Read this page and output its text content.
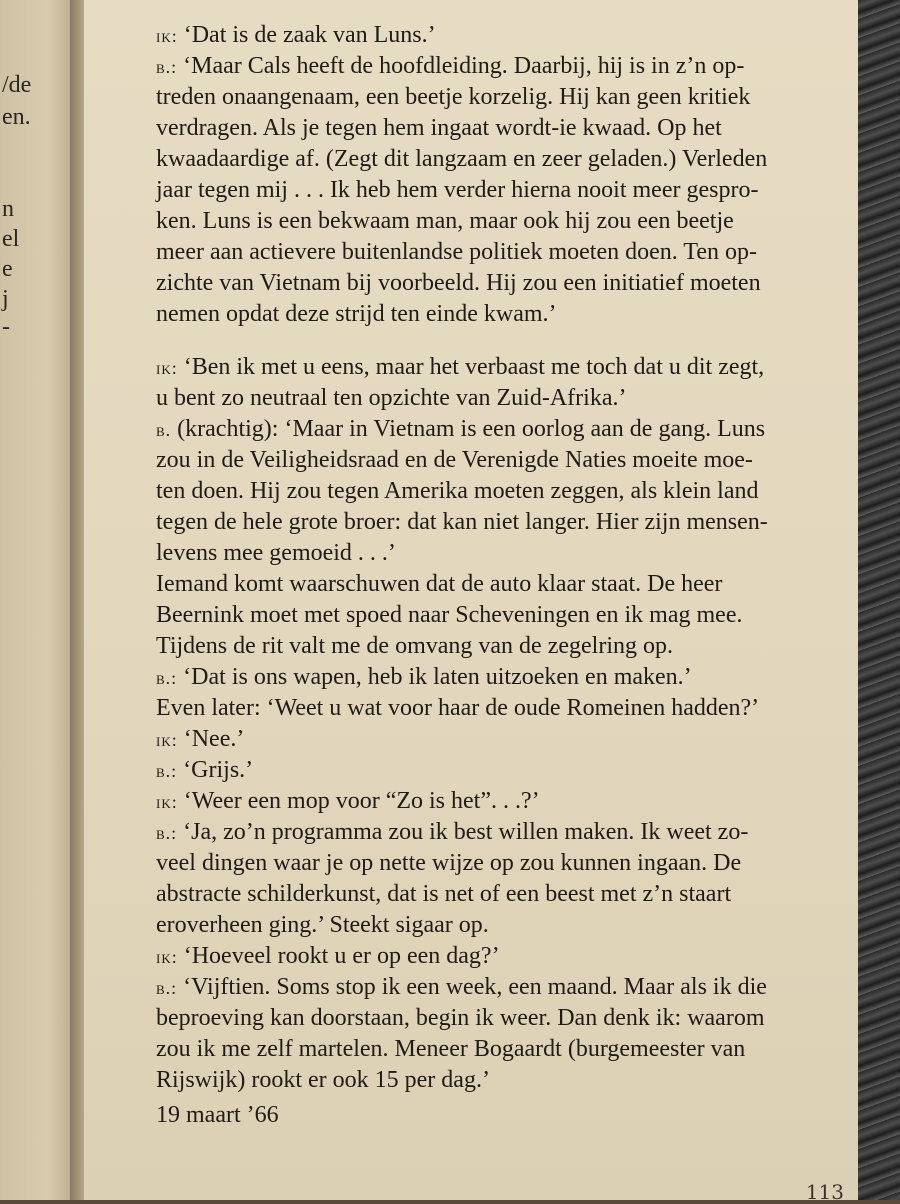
/de
en.
n
el
e
j
-
ik: ‘Dat is de zaak van Luns.’
b.: ‘Maar Cals heeft de hoofdleiding. Daarbij, hij is in z’n op-
treden onaangenaam, een beetje korzelig. Hij kan geen kritiek
verdragen. Als je tegen hem ingaat wordt-ie kwaad. Op het
kwaadaardige af. (Zegt dit langzaam en zeer geladen.) Verleden
jaar tegen mij . . . Ik heb hem verder hierna nooit meer gespro-
ken. Luns is een bekwaam man, maar ook hij zou een beetje
meer aan actievere buitenlandse politiek moeten doen. Ten op-
zichte van Vietnam bij voorbeeld. Hij zou een initiatief moeten
nemen opdat deze strijd ten einde kwam.’
ik: ‘Ben ik met u eens, maar het verbaast me toch dat u dit zegt,
u bent zo neutraal ten opzichte van Zuid-Afrika.’
b. (krachtig): ‘Maar in Vietnam is een oorlog aan de gang. Luns
zou in de Veiligheidsraad en de Verenigde Naties moeite moe-
ten doen. Hij zou tegen Amerika moeten zeggen, als klein land
tegen de hele grote broer: dat kan niet langer. Hier zijn mensen-
levens mee gemoeid . . .’
Iemand komt waarschuwen dat de auto klaar staat. De heer
Beernink moet met spoed naar Scheveningen en ik mag mee.
Tijdens de rit valt me de omvang van de zegelring op.
b.: ‘Dat is ons wapen, heb ik laten uitzoeken en maken.’
Even later: ‘Weet u wat voor haar de oude Romeinen hadden?’
ik: ‘Nee.’
b.: ‘Grijs.’
ik: ‘Weer een mop voor “Zo is het”. . .?’
b.: ‘Ja, zo’n programma zou ik best willen maken. Ik weet zo-
veel dingen waar je op nette wijze op zou kunnen ingaan. De
abstracte schilderkunst, dat is net of een beest met z’n staart
eroverheen ging.’ Steekt sigaar op.
ik: ‘Hoeveel rookt u er op een dag?’
b.: ‘Vijftien. Soms stop ik een week, een maand. Maar als ik die
beproeving kan doorstaan, begin ik weer. Dan denk ik: waarom
zou ik me zelf martelen. Meneer Bogaardt (burgemeester van
Rijswijk) rookt er ook 15 per dag.’
19 maart ’66
113
